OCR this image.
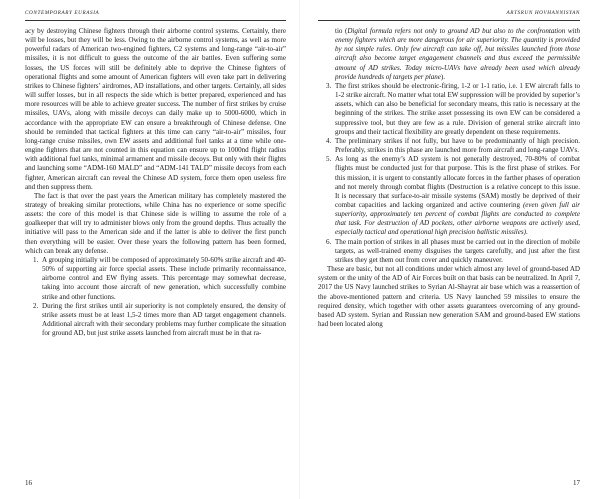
CONTEMPORARY EURASIA

acy by destroying Chinese fighters through their airborne control systems. Certainly, there will be losses, but they will be less. Owing to the airborne control systems, as well as more powerful radars of American two-engined fighters, C2 systems and long-range “air-to-air” missiles, it is not difficult to guess the outcome of the air battles. Even suffering some losses, the US forces will still be definitely able to deprive the Chinese fighters of operational flights and some amount of American fighters will even take part in delivering strikes to Chinese fighters’ airdromes, AD installations, and other targets. Certainly, all sides will suffer losses, but in all respects the side which is better prepared, experienced and has more resources will be able to achieve greater success. The number of first strikes by cruise missiles, UAVs, along with missile decoys can daily make up to 5000-6000, which in accordance with the appropriate EW can ensure a breakthrough of Chinese defense. One should be reminded that tactical fighters at this time can carry “air-to-air” missiles, four long-range cruise missiles, own EW assets and additional fuel tanks at a time while one-engine fighters that are not counted in this equation can ensure up to 1000nd flight radius with additional fuel tanks, minimal armament and missile decoys. But only with their flights and launching some “ADM-160 MALD” and “ADM-141 TALD” missile decoys from each fighter, American aircraft can reveal the Chinese AD system, force them open useless fire and then suppress them.

The fact is that over the past years the American military has completely mastered the strategy of breaking similar protections, while China has no experience or some specific assets: the core of this model is that Chinese side is willing to assume the role of a goalkeeper that will try to administer blows only from the ground depths. Thus actually the initiative will pass to the American side and if the latter is able to deliver the first punch then everything will be easier. Over these years the following pattern has been formed, which can break any defense.

1. A grouping initially will be composed of approximately 50-60% strike aircraft and 40-50% of supporting air force special assets. These include primarily reconnaissance, airborne control and EW flying assets. This percentage may somewhat decrease, taking into account those aircraft of new generation, which successfully combine strike and other functions.
2. During the first strikes until air superiority is not completely ensured, the density of strike assets must be at least 1,5-2 times more than AD target engagement channels. Additional aircraft with their secondary problems may further complicate the situation for ground AD, but just strike assets launched from aircraft must be in that ra-
16
ARTSRUN HOVHANNISYAN

tio (Digital formula refers not only to ground AD but also to the confrontation with enemy fighters which are more dangerous for air superiority. The quantity is provided by not simple rules. Only few aircraft can take off, but missiles launched from those aircraft also become target engagement channels and thus exceed the permissible amount of AD strikes. Today micro-UAVs have already been used which already provide hundreds of targets per plane).

3. The first strikes should be electronic-firing, 1-2 or 1-1 ratio, i.e. 1 EW aircraft falls to 1-2 strike aircraft. No matter what total EW suppression will be provided by superior’s assets, which can also be beneficial for secondary means, this ratio is necessary at the beginning of the strikes. The strike asset possessing its own EW can be considered a suppressive tool, but they are few as a rule. Division of general strike aircraft into groups and their tactical flexibility are greatly dependent on these requirements.
4. The preliminary strikes if not fully, but have to be predominantly of high precision. Preferably, strikes in this phase are launched more from aircraft and long-range UAVs.
5. As long as the enemy’s AD system is not generally destroyed, 70-80% of combat flights must be conducted just for that purpose. This is the first phase of strikes. For this mission, it is urgent to constantly allocate forces in the farther phases of operation and not merely through combat flights (Destruction is a relative concept to this issue. It is necessary that surface-to-air missile systems (SAM) mostly be deprived of their combat capacities and lacking organized and active countering (even given full air superiority, approximately ten percent of combat flights are conducted to complete that task. For destruction of AD pockets, other airborne weapons are actively used, especially tactical and operational high precision ballistic missiles).
6. The main portion of strikes in all phases must be carried out in the direction of mobile targets, as well-trained enemy disguises the targets carefully, and just after the first strikes they get them out from cover and quickly maneuver.

These are basic, but not all conditions under which almost any level of ground-based AD system or the unity of the AD of Air Forces built on that basis can be neutralized. In April 7, 2017 the US Navy launched strikes to Syrian Al-Shayrat air base which was a reassertion of the above-mentioned pattern and criteria. US Navy launched 59 missiles to ensure the required density, which together with other assets guarantees overcoming of any ground-based AD system. Syrian and Russian new generation SAM and ground-based EW stations had been located along

17
